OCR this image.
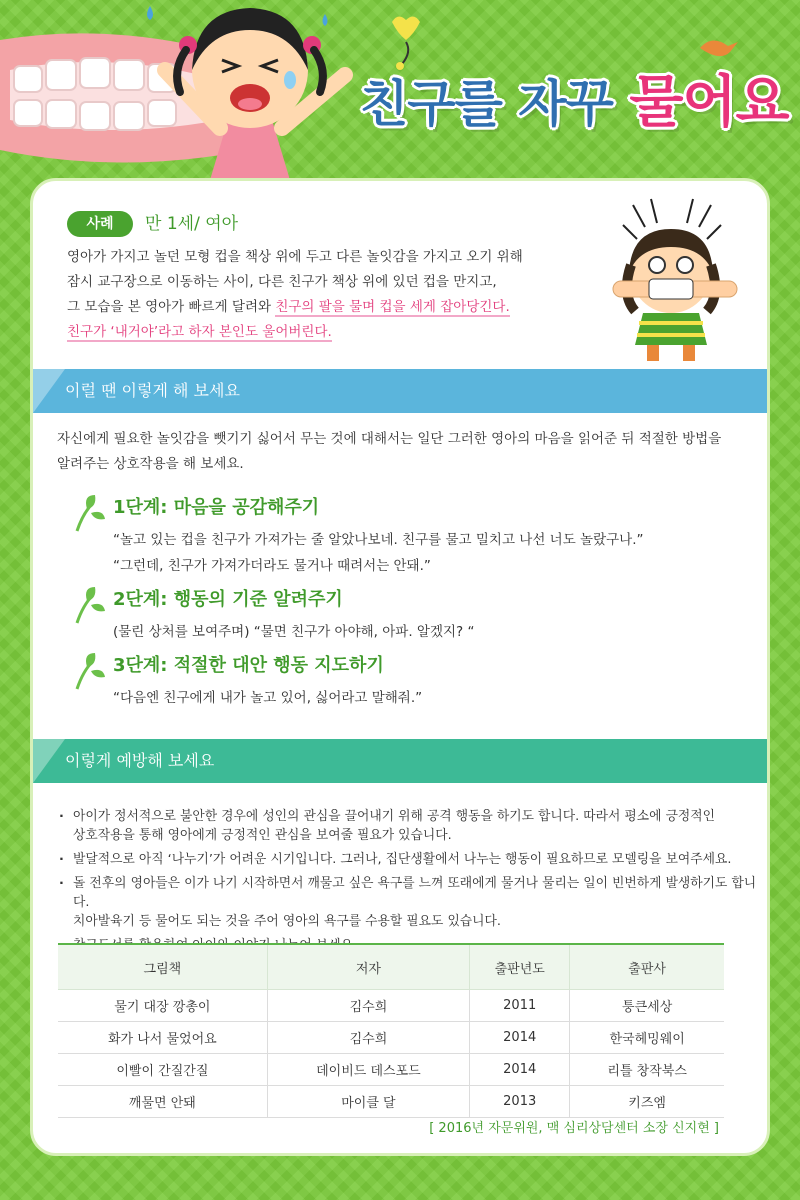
친구를 자꾸 물어요
사례	만 1세/ 여아
영아가 가지고 놀던 모형 컵을 책상 위에 두고 다른 놀잇감을 가지고 오기 위해
잠시 교구장으로 이동하는 사이, 다른 친구가 책상 위에 있던 컵을 만지고,
그 모습을 본 영아가 빠르게 달려와 친구의 팔을 물며 컵을 세게 잡아당긴다.
친구가 ‘내거야’라고 하자 본인도 울어버린다.
이럴 땐 이렇게 해 보세요
자신에게 필요한 놀잇감을 뺏기기 싫어서 무는 것에 대해서는 일단 그러한 영아의 마음을 읽어준 뒤 적절한 방법을
알려주는 상호작용을 해 보세요.
1단계: 마음을 공감해주기
“놀고 있는 컵을 친구가 가져가는 줄 알았나보네. 친구를 물고 밀치고 나선 너도 놀랐구나.”
“그런데, 친구가 가져가더라도 물거나 때려서는 안돼.”
2단계: 행동의 기준 알려주기
(물린 상처를 보여주며) “물면 친구가 아야해, 아파. 알겠지? “
3단계: 적절한 대안 행동 지도하기
“다음엔 친구에게 내가 놀고 있어, 싫어라고 말해줘.”
이렇게 예방해 보세요
· 아이가 정서적으로 불안한 경우에 성인의 관심을 끌어내기 위해 공격 행동을 하기도 합니다. 따라서 평소에 긍정적인
상호작용을 통해 영아에게 긍정적인 관심을 보여줄 필요가 있습니다.
· 발달적으로 아직 ‘나누기’가 어려운 시기입니다. 그러나, 집단생활에서 나누는 행동이 필요하므로 모델링을 보여주세요.
· 돌 전후의 영아들은 이가 나기 시작하면서 깨물고 싶은 욕구를 느껴 또래에게 물거나 물리는 일이 빈번하게 발생하기도 합니다.
치아발육기 등 물어도 되는 것을 주어 영아의 욕구를 수용할 필요도 있습니다.
·
그림책	저자	출판년도	출판사
물기 대장 깡총이	김수희	2011	퉁큰세상
화가 나서 물었어요	김수희	2014	한국헤밍웨이
이빨이 간질간질	데이비드 데스포드	2014	리틀 창작북스
깨물면 안돼	마이클 달	2013	키즈엠
[ 2016년 자문위원, 맥 심리상담센터 소장 신지현 ]
